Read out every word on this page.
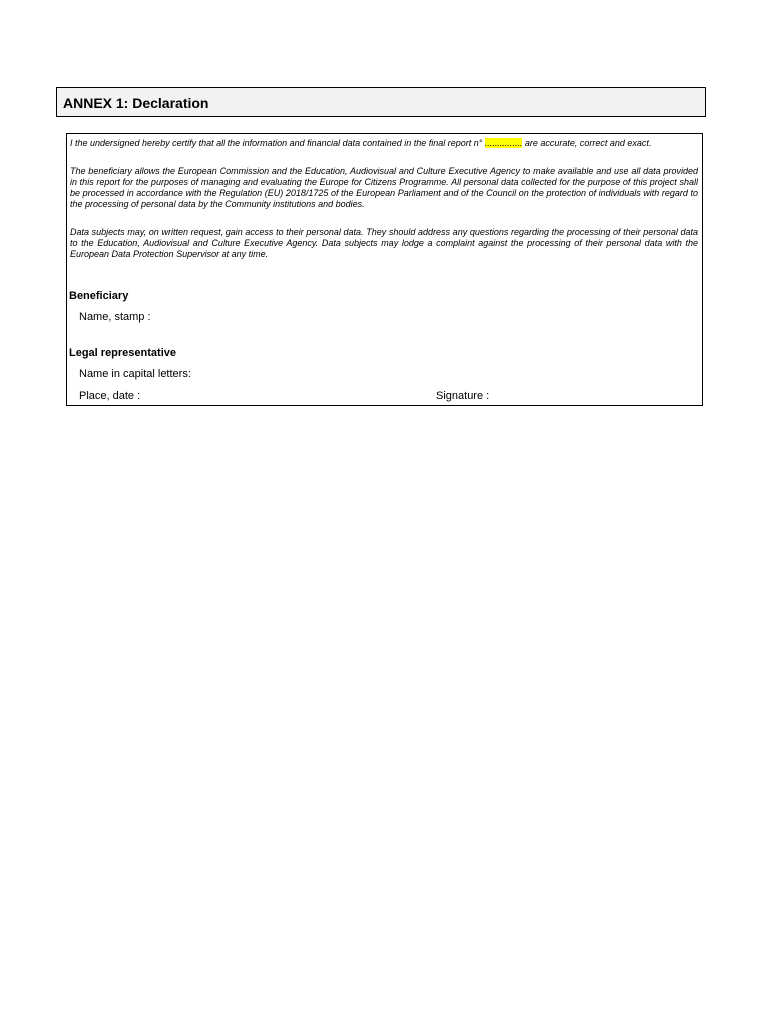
ANNEX 1: Declaration
I the undersigned hereby certify that all the information and financial data contained in the final report n° ............... are accurate, correct and exact.
The beneficiary allows the European Commission and the Education, Audiovisual and Culture Executive Agency to make available and use all data provided in this report for the purposes of managing and evaluating the Europe for Citizens Programme. All personal data collected for the purpose of this project shall be processed in accordance with the Regulation (EU) 2018/1725 of the European Parliament and of the Council on the protection of individuals with regard to the processing of personal data by the Community institutions and bodies.
Data subjects may, on written request, gain access to their personal data. They should address any questions regarding the processing of their personal data to the Education, Audiovisual and Culture Executive Agency. Data subjects may lodge a complaint against the processing of their personal data with the European Data Protection Supervisor at any time.
Beneficiary
Name, stamp :
Legal representative
Name in capital letters:
Place, date :	Signature :
